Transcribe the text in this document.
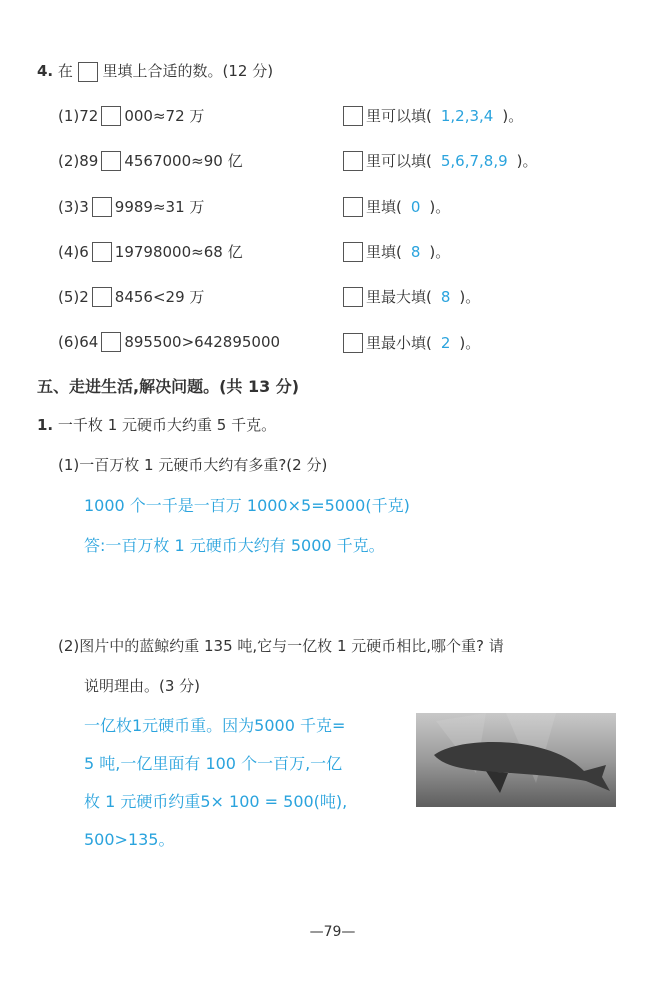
4. 在 里填上合适的数。(12 分)
(1)72 000≈72 万	里可以填( 1,2,3,4 )。
(2)89 4567000≈90 亿	里可以填( 5,6,7,8,9 )。
(3)3 9989≈31 万	里填( 0 )。
(4)6 19798000≈68 亿	里填( 8 )。
(5)2 8456<29 万	里最大填( 8 )。
(6)64 895500>642895000	里最小填( 2 )。
五、走进生活,解决问题。(共 13 分)
1. 一千枚 1 元硬币大约重 5 千克。
(1)一百万枚 1 元硬币大约有多重?(2 分)
1000 个一千是一百万 1000×5=5000(千克)
答:一百万枚 1 元硬币大约有 5000 千克。
(2)图片中的蓝鲸约重 135 吨,它与一亿枚 1 元硬币相比,哪个重? 请
说明理由。(3 分)
一亿枚1元硬币重。因为5000 千克=
5 吨,一亿里面有 100 个一百万,一亿
枚 1 元硬币约重5× 100 = 500(吨),
500>135。
—79—
